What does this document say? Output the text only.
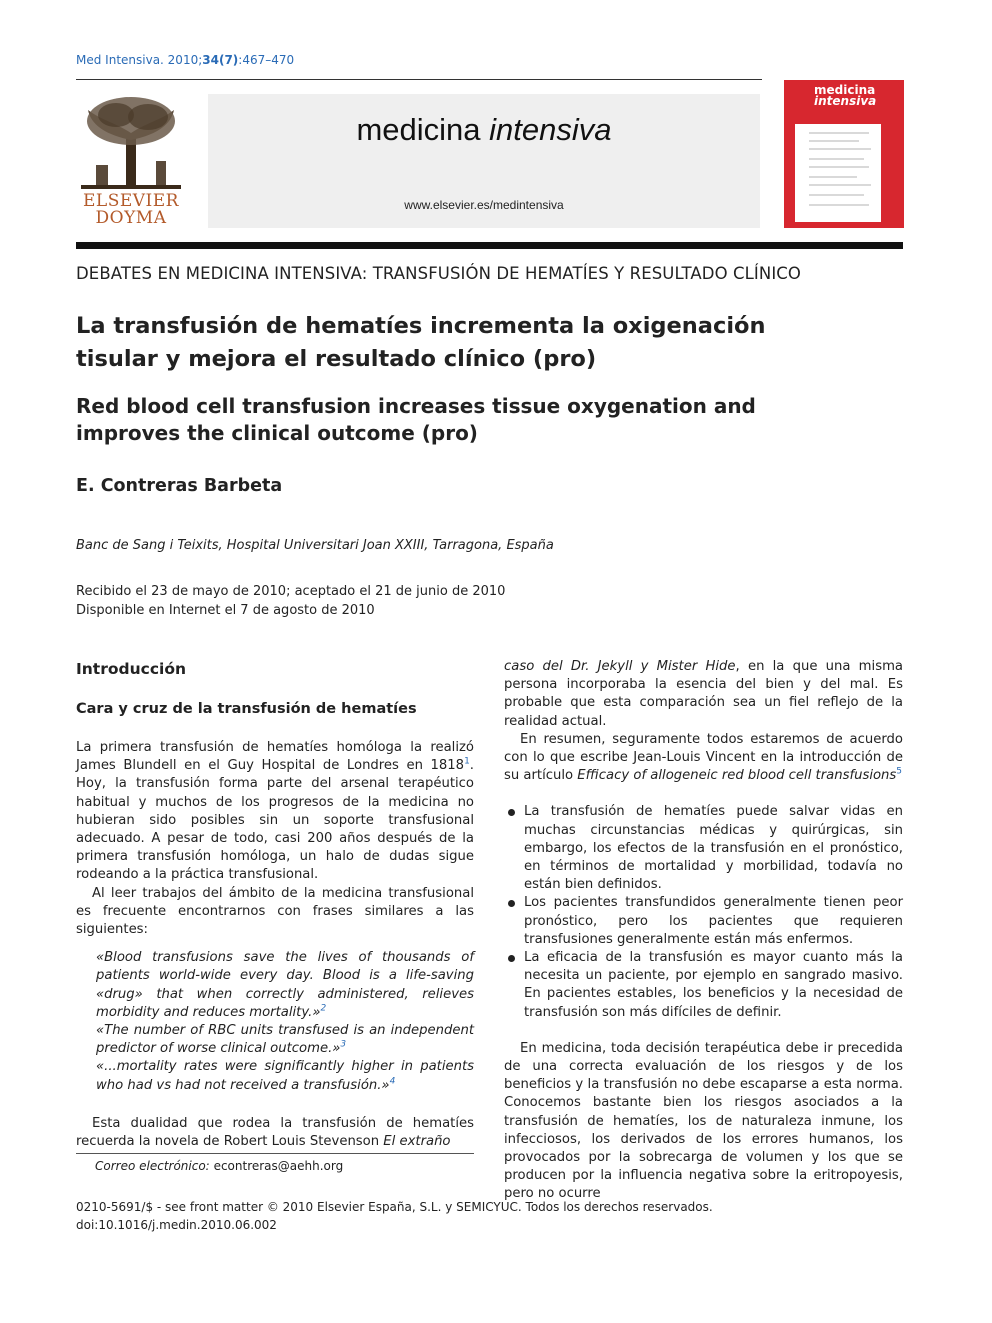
Med Intensiva. 2010;34(7):467–470
ELSEVIER
DOYMA
medicina intensiva
www.elsevier.es/medintensiva
medicina
intensiva
DEBATES EN MEDICINA INTENSIVA: TRANSFUSIÓN DE HEMATÍES Y RESULTADO CLÍNICO
La transfusión de hematíes incrementa la oxigenación
tisular y mejora el resultado clínico (pro)
Red blood cell transfusion increases tissue oxygenation and
improves the clinical outcome (pro)
E. Contreras Barbeta
Banc de Sang i Teixits, Hospital Universitari Joan XXIII, Tarragona, España
Recibido el 23 de mayo de 2010; aceptado el 21 de junio de 2010
Disponible en Internet el 7 de agosto de 2010
Introducción
Cara y cruz de la transfusión de hematíes

La primera transfusión de hematíes homóloga la realizó James Blundell en el Guy Hospital de Londres en 1818$^1$. Hoy, la transfusión forma parte del arsenal terapéutico habitual y muchos de los progresos de la medicina no hubieran sido posibles sin un soporte transfusional adecuado. A pesar de todo, casi 200 años después de la primera transfusión homóloga, un halo de dudas sigue rodeando a la práctica transfusional.

Al leer trabajos del ámbito de la medicina transfusional es frecuente encontrarnos con frases similares a las siguientes:

«Blood transfusions save the lives of thousands of patients world-wide every day. Blood is a life-saving «drug» that when correctly administered, relieves morbidity and reduces mortality.»$^2$

«The number of RBC units transfused is an independent predictor of worse clinical outcome.»$^3$

«...mortality rates were significantly higher in patients who had vs had not received a transfusión.»$^4$

Esta dualidad que rodea la transfusión de hematíes recuerda la novela de Robert Louis Stevenson El extraño

caso del Dr. Jekyll y Mister Hide, en la que una misma persona incorporaba la esencia del bien y del mal. Es probable que esta comparación sea un fiel reflejo de la realidad actual.

En resumen, seguramente todos estaremos de acuerdo con lo que escribe Jean-Louis Vincent en la introducción de su artículo Efficacy of allogeneic red blood cell transfusions$^5$

La transfusión de hematíes puede salvar vidas en muchas circunstancias médicas y quirúrgicas, sin embargo, los efectos de la transfusión en el pronóstico, en términos de mortalidad y morbilidad, todavía no están bien definidos.
Los pacientes transfundidos generalmente tienen peor pronóstico, pero los pacientes que requieren transfusiones generalmente están más enfermos.
La eficacia de la transfusión es mayor cuanto más la necesita un paciente, por ejemplo en sangrado masivo. En pacientes estables, los beneficios y la necesidad de transfusión son más difíciles de definir.

En medicina, toda decisión terapéutica debe ir precedida de una correcta evaluación de los riesgos y de los beneficios y la transfusión no debe escaparse a esta norma. Conocemos bastante bien los riesgos asociados a la transfusión de hematíes, los de naturaleza inmune, los infecciosos, los derivados de los errores humanos, los provocados por la sobrecarga de volumen y los que se producen por la influencia negativa sobre la eritropoyesis, pero no ocurre

Correo electrónico: econtreras@aehh.org
0210-5691/$ - see front matter © 2010 Elsevier España, S.L. y SEMICYUC. Todos los derechos reservados.
doi:10.1016/j.medin.2010.06.002
